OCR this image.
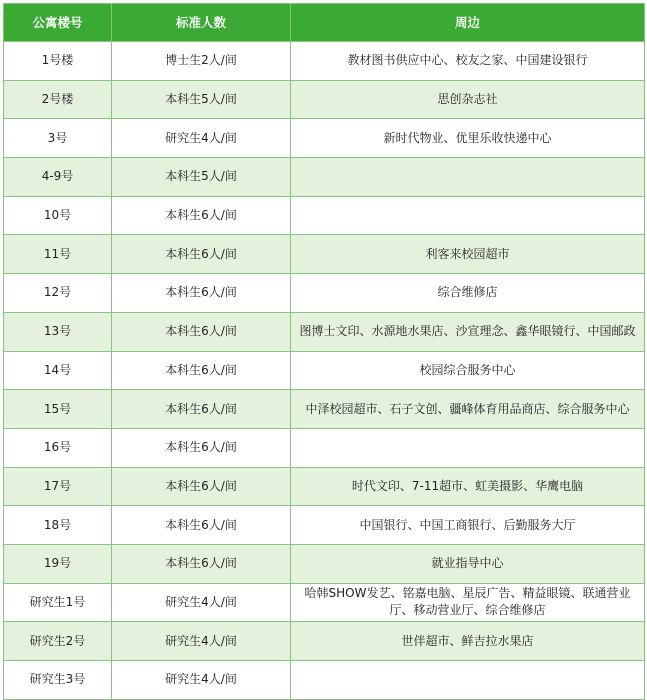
公寓楼号	标准人数	周边
1号楼	博士生2人/间	教材图书供应中心、校友之家、中国建设银行
2号楼	本科生5人/间	思创杂志社
3号	研究生4人/间	新时代物业、优里乐收快递中心
4-9号	本科生5人/间	
10号	本科生6人/间	
11号	本科生6人/间	利客来校园超市
12号	本科生6人/间	综合维修店
13号	本科生6人/间	图博士文印、水源地水果店、沙宣理念、鑫华眼镜行、中国邮政
14号	本科生6人/间	校园综合服务中心
15号	本科生6人/间	中泽校园超市、石子文创、疆峰体育用品商店、综合服务中心
16号	本科生6人/间	
17号	本科生6人/间	时代文印、7-11超市、虹美摄影、华鹰电脑
18号	本科生6人/间	中国银行、中国工商银行、后勤服务大厅
19号	本科生6人/间	就业指导中心
研究生1号	研究生4人/间	哈韩SHOW发艺、铭嘉电脑、星辰广告、精益眼镜、联通营业厅、移动营业厅、综合维修店
研究生2号	研究生4人/间	世伴超市、鲜吉拉水果店
研究生3号	研究生4人/间	
